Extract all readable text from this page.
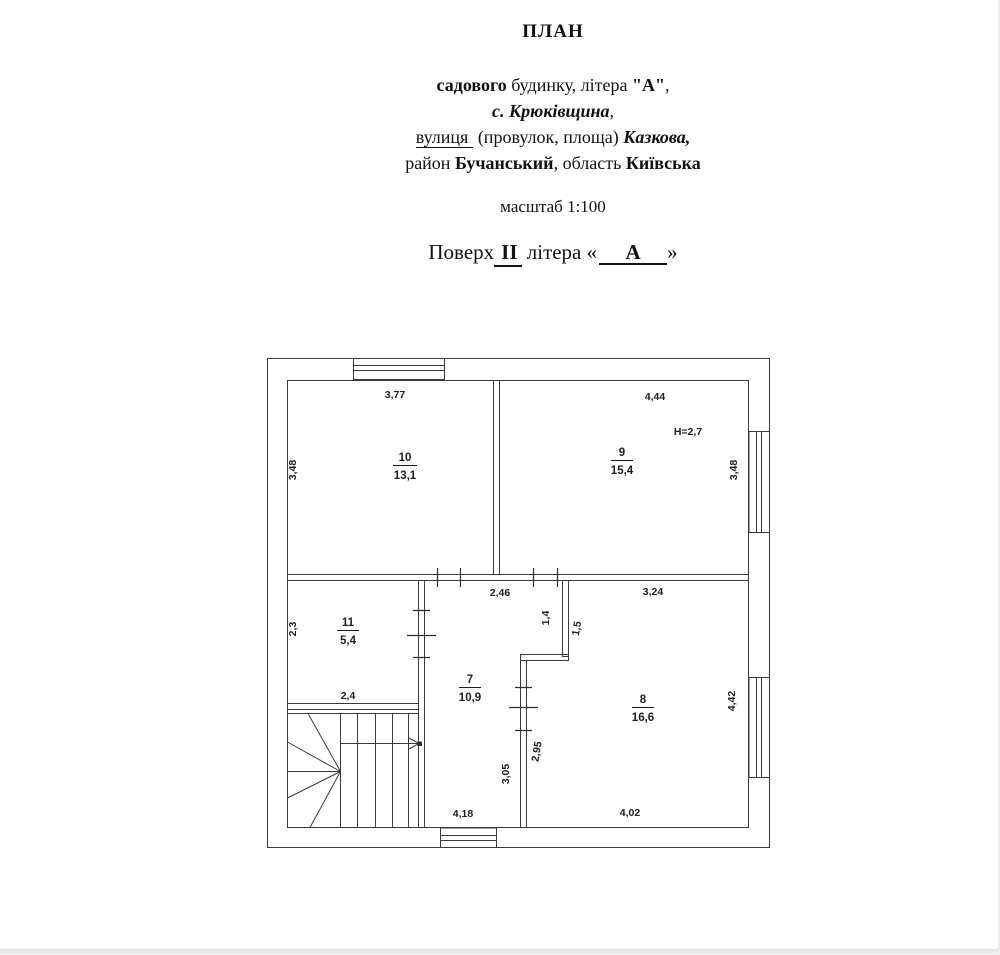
ПЛАН
садового будинку, літера "А",
с. Крюківщина,
вулиця (провулок, площа) Казкова,
район Бучанський, область Київська
масштаб 1:100
Поверх II літера « А »
10
13,1
9
15,4
11
5,4
7
10,9	8
16,6
3,77	4,44
H=2,7
2,46	3,24
2,4
4,18	4,02
3,48	3,48
2,3
1,4
1,5
4,42
2,95
3,05
